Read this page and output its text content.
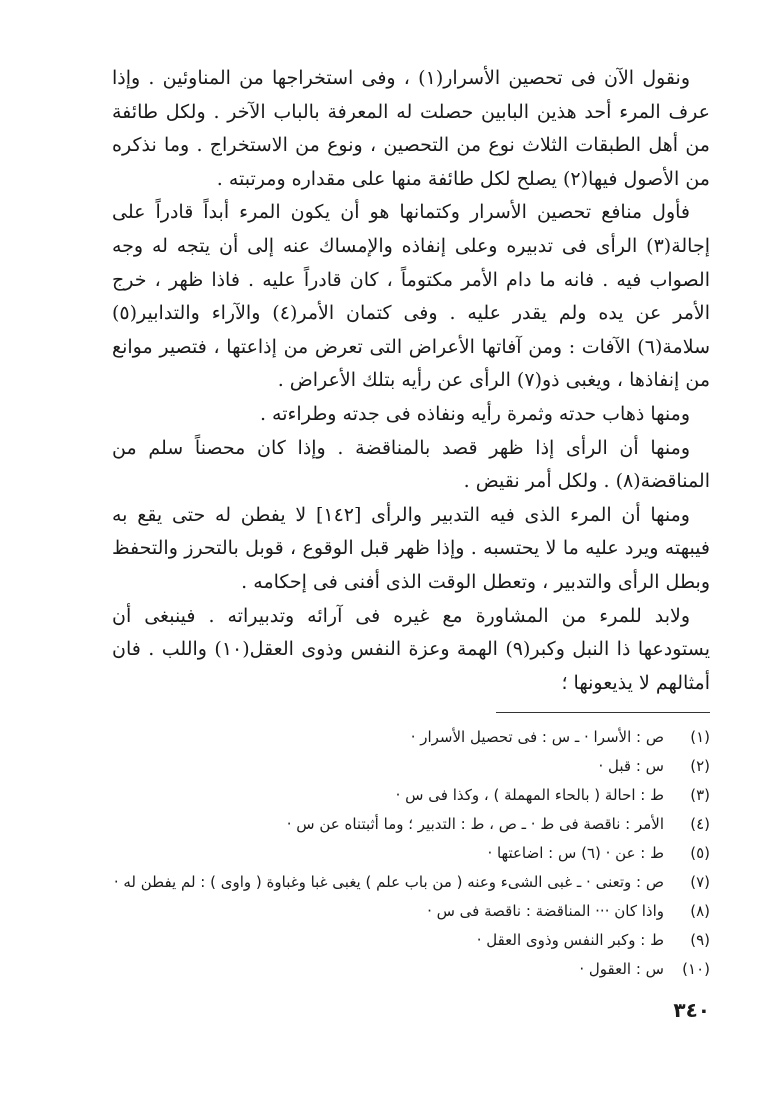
ونقول الآن فى تحصين الأسرار(١) ، وفى استخراجها من المناوئين . وإذا عرف المرء أحد هذين البابين حصلت له المعرفة بالباب الآخر . ولكل طائفة من أهل الطبقات الثلاث نوع من التحصين ، ونوع من الاستخراج . وما نذكره من الأصول فيها(٢) يصلح لكل طائفة منها على مقداره ومرتبته .

فأول منافع تحصين الأسرار وكتمانها هو أن يكون المرء أبداً قادراً على إجالة(٣) الرأى فى تدبيره وعلى إنفاذه والإمساك عنه إلى أن يتجه له وجه الصواب فيه . فانه ما دام الأمر مكتوماً ، كان قادراً عليه . فاذا ظهر ، خرج الأمر عن يده ولم يقدر عليه . وفى كتمان الأمر(٤) والآراء والتدابير(٥) سلامة(٦) الآفات : ومن آفاتها الأعراض التى تعرض من إذاعتها ، فتصير موانع من إنفاذها ، ويغبى ذو(٧) الرأى عن رأيه بتلك الأعراض .

ومنها ذهاب حدته وثمرة رأيه ونفاذه فى جدته وطراءته .

ومنها أن الرأى إذا ظهر قصد بالمناقضة . وإذا كان محصناً سلم من المناقضة(٨) . ولكل أمر نقيض .

ومنها أن المرء الذى فيه التدبير والرأى [١٤٢] لا يفطن له حتى يقع به فيبهته ويرد عليه ما لا يحتسبه . وإذا ظهر قبل الوقوع ، قوبل بالتحرز والتحفظ وبطل الرأى والتدبير ، وتعطل الوقت الذى أفنى فى إحكامه .

ولابد للمرء من المشاورة مع غيره فى آرائه وتدبيراته . فينبغى أن يستودعها ذا النبل وكبر(٩) الهمة وعزة النفس وذوى العقل(١٠) واللب . فان أمثالهم لا يذيعونها ؛

(١)
ص : الأسرا · ـ س : فى تحصيل الأسرار ·
(٢)
س : قبل ·
(٣)
ط : احالة ( بالحاء المهملة ) ، وكذا فى س ·
(٤)
الأمر : ناقصة فى ط · ـ ص ، ط : التدبير ؛ وما أثبتناه عن س ·
(٥)
ط : عن · (٦) س : اضاعتها ·
(٧)
ص : وتعنى · ـ غبى الشىء وعنه ( من باب علم ) يغبى غبا وغباوة ( واوى ) : لم يفطن له ·
(٨)
واذا كان ··· المناقضة : ناقصة فى س ·
(٩)
ط : وكبر النفس وذوى العقل ·
(١٠)
س : العقول ·
٣٤٠
